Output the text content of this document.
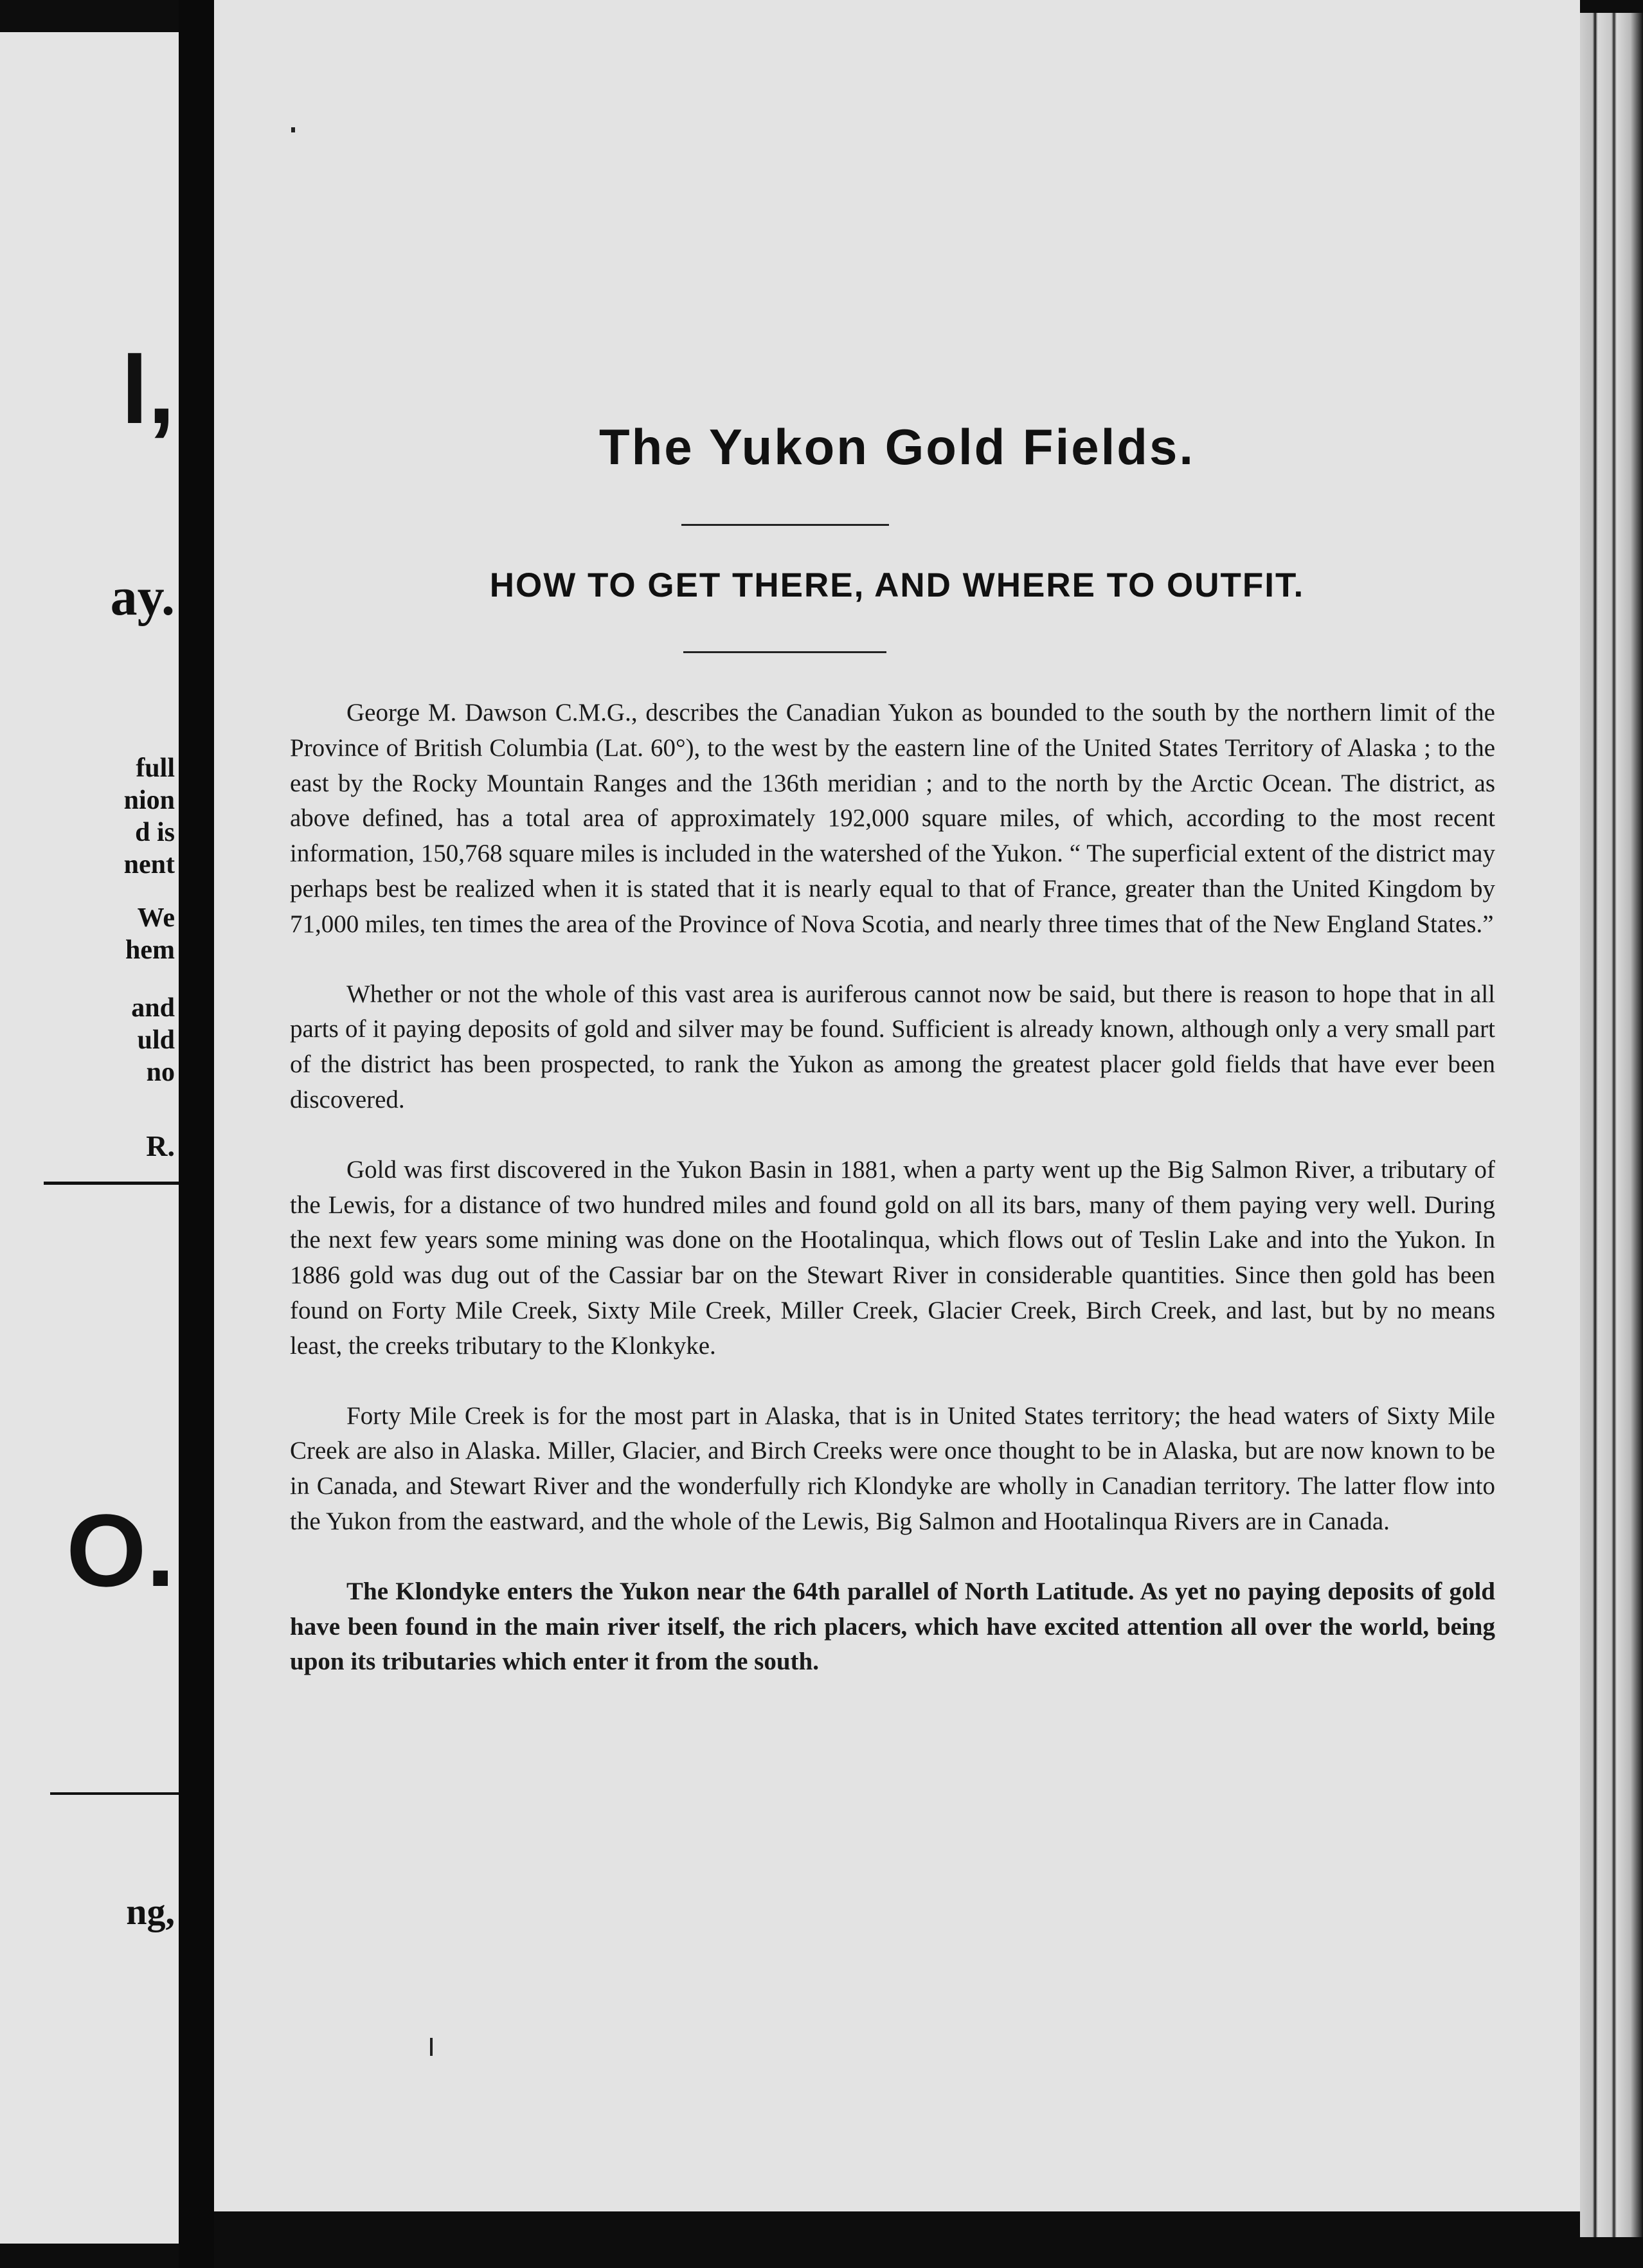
l,
ay.
full
nion
d is
nent
We
hem
and
uld
no
R.
O.
ng,
The Yukon Gold Fields.
HOW TO GET THERE, AND WHERE TO OUTFIT.

George M. Dawson C.M.G., describes the Canadian Yukon as bounded to the south by the northern limit of the Province of British Columbia (Lat. 60°), to the west by the eastern line of the United States Territory of Alaska ; to the east by the Rocky Mountain Ranges and the 136th meridian ; and to the north by the Arctic Ocean. The district, as above defined, has a total area of approximately 192,000 square miles, of which, according to the most recent information, 150,768 square miles is included in the watershed of the Yukon. “ The superficial extent of the district may perhaps best be realized when it is stated that it is nearly equal to that of France, greater than the United Kingdom by 71,000 miles, ten times the area of the Province of Nova Scotia, and nearly three times that of the New England States.”

Whether or not the whole of this vast area is auriferous cannot now be said, but there is reason to hope that in all parts of it paying deposits of gold and silver may be found. Sufficient is already known, although only a very small part of the district has been prospected, to rank the Yukon as among the greatest placer gold fields that have ever been discovered.

Gold was first discovered in the Yukon Basin in 1881, when a party went up the Big Salmon River, a tributary of the Lewis, for a distance of two hundred miles and found gold on all its bars, many of them paying very well. During the next few years some mining was done on the Hootalinqua, which flows out of Teslin Lake and into the Yukon. In 1886 gold was dug out of the Cassiar bar on the Stewart River in considerable quantities. Since then gold has been found on Forty Mile Creek, Sixty Mile Creek, Miller Creek, Glacier Creek, Birch Creek, and last, but by no means least, the creeks tributary to the Klonkyke.

Forty Mile Creek is for the most part in Alaska, that is in United States territory; the head waters of Sixty Mile Creek are also in Alaska. Miller, Glacier, and Birch Creeks were once thought to be in Alaska, but are now known to be in Canada, and Stewart River and the wonderfully rich Klondyke are wholly in Canadian territory. The latter flow into the Yukon from the eastward, and the whole of the Lewis, Big Salmon and Hootalinqua Rivers are in Canada.

The Klondyke enters the Yukon near the 64th parallel of North Latitude. As yet no paying deposits of gold have been found in the main river itself, the rich placers, which have excited attention all over the world, being upon its tributaries which enter it from the south.
